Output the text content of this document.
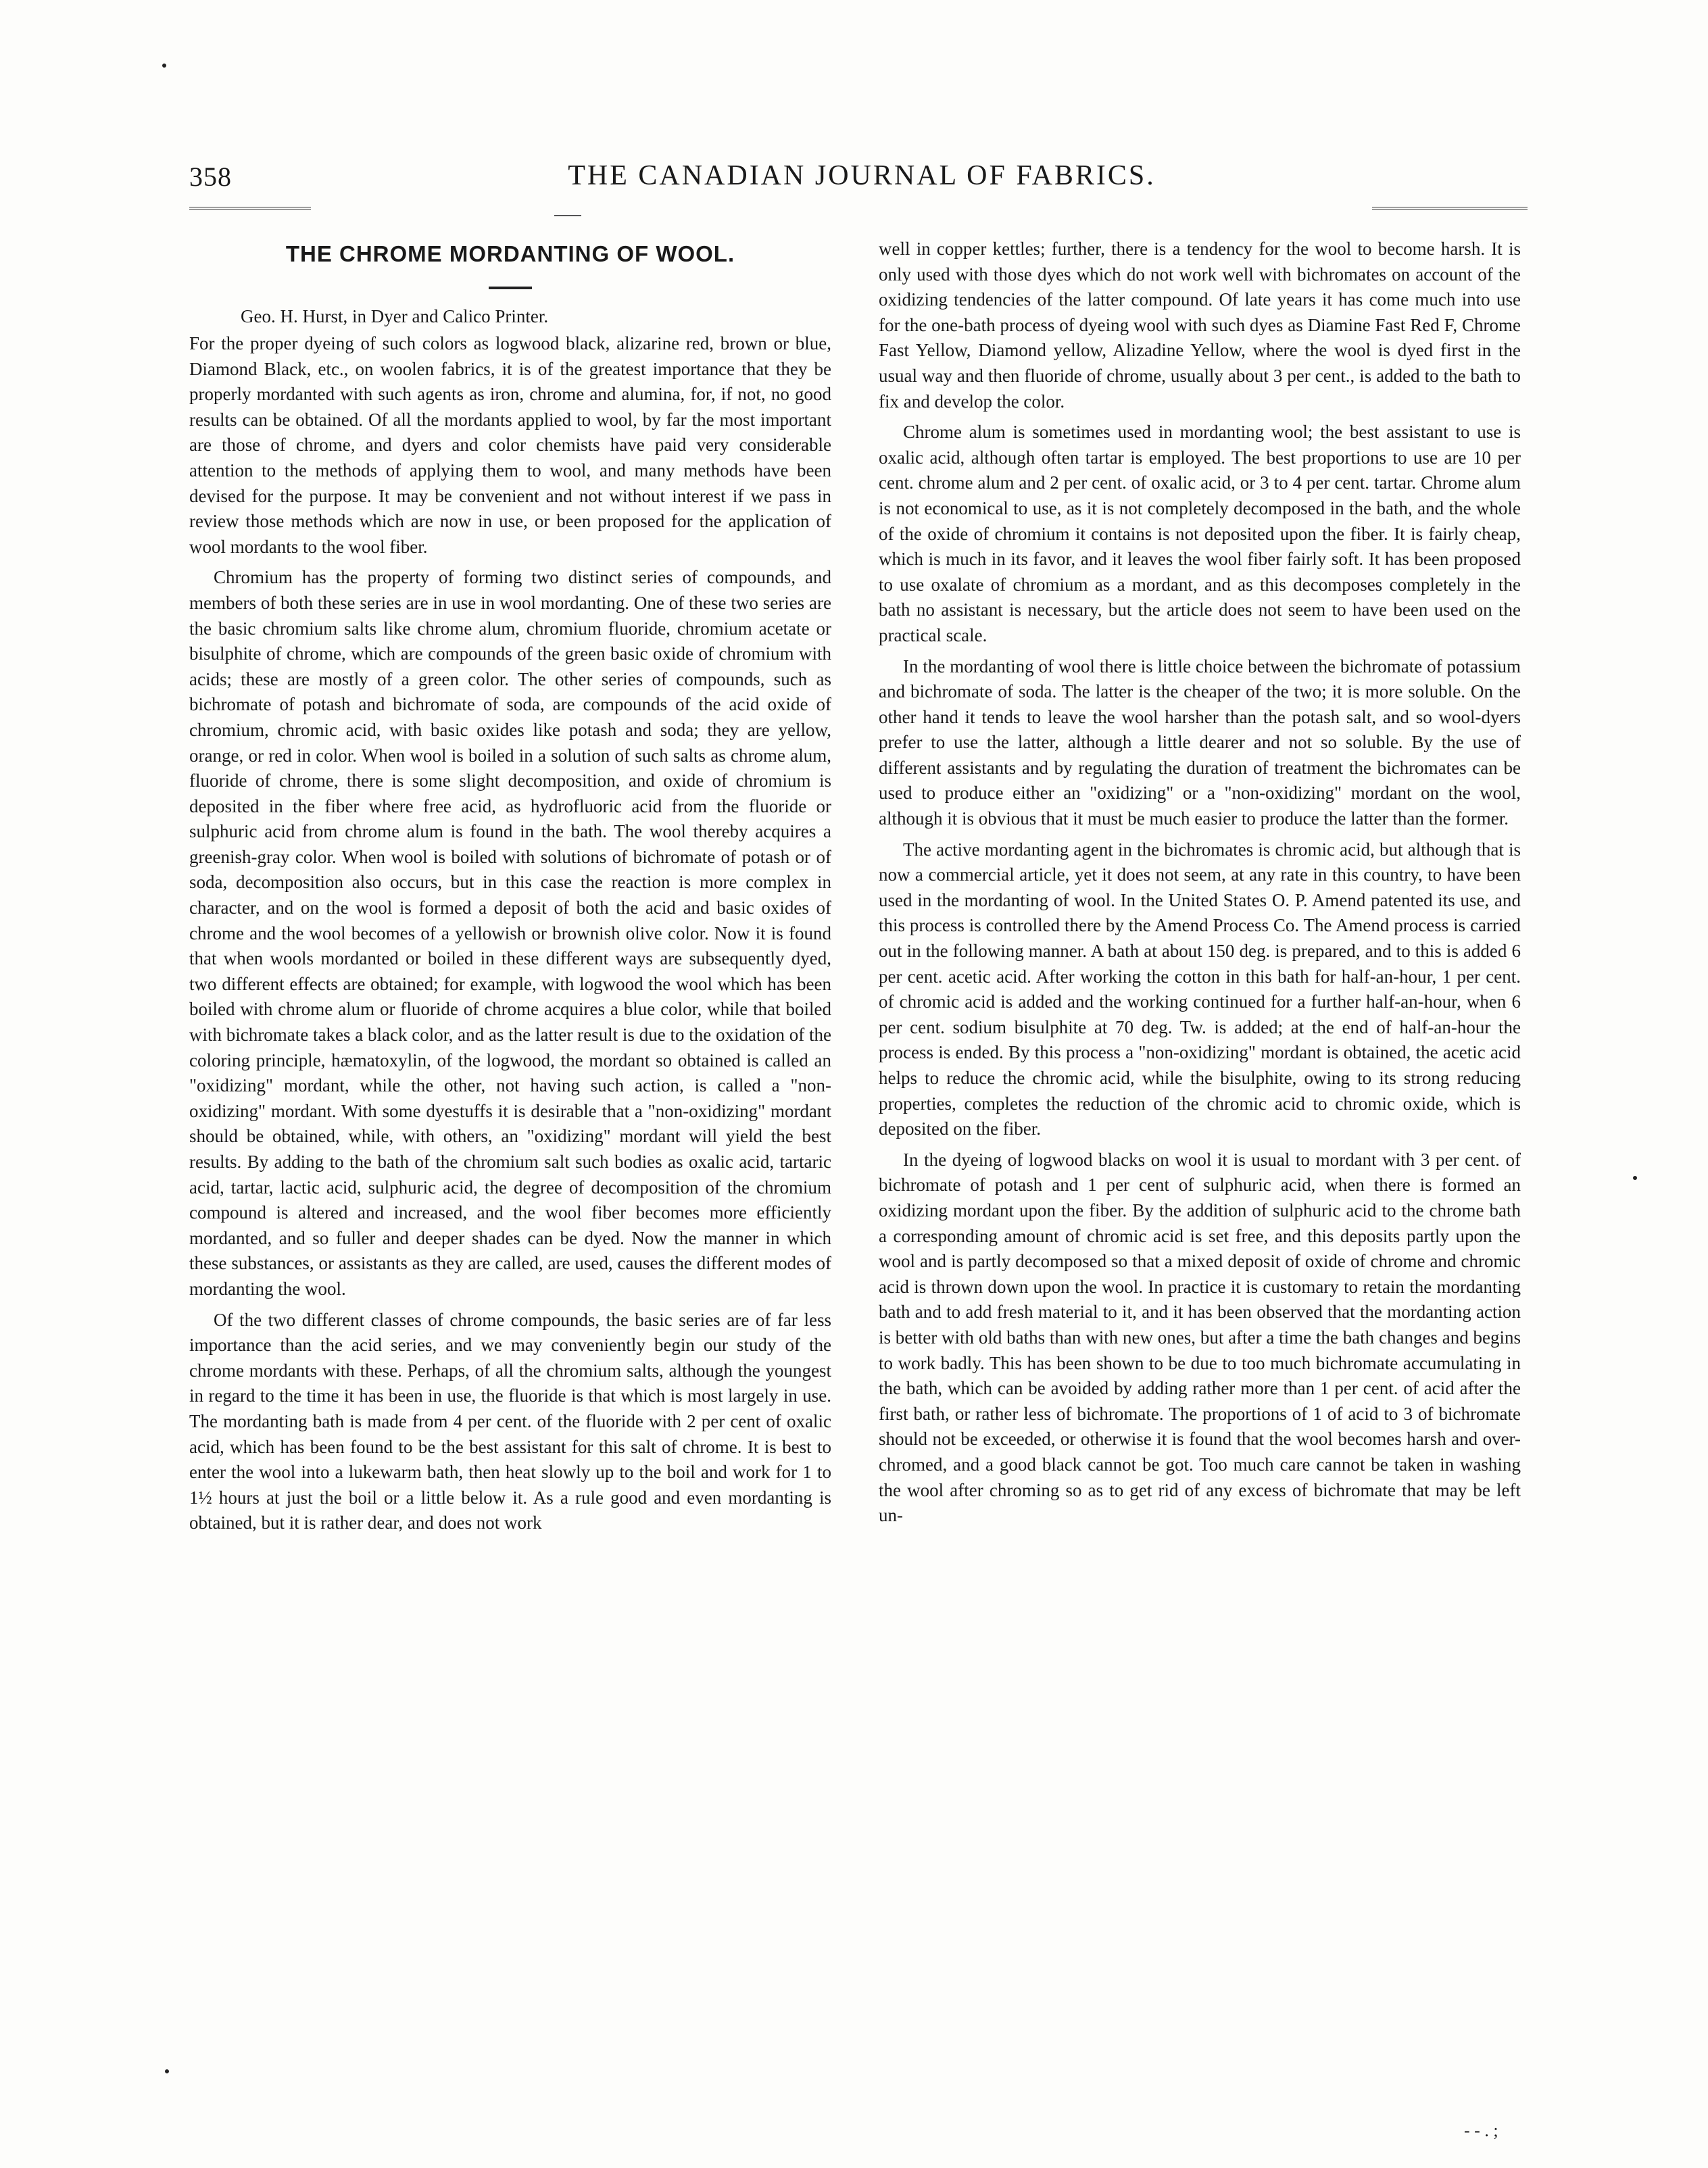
358	THE CANADIAN JOURNAL OF FABRICS.
THE CHROME MORDANTING OF WOOL.
Geo. H. Hurst, in Dyer and Calico Printer.

For the proper dyeing of such colors as logwood black, alizarine red, brown or blue, Diamond Black, etc., on woolen fabrics, it is of the greatest importance that they be properly mordanted with such agents as iron, chrome and alumina, for, if not, no good results can be obtained. Of all the mordants applied to wool, by far the most important are those of chrome, and dyers and color chemists have paid very considerable attention to the methods of applying them to wool, and many methods have been devised for the purpose. It may be convenient and not without interest if we pass in review those methods which are now in use, or been proposed for the application of wool mordants to the wool fiber.

Chromium has the property of forming two distinct series of compounds, and members of both these series are in use in wool mordanting. One of these two series are the basic chromium salts like chrome alum, chromium fluoride, chromium acetate or bisulphite of chrome, which are compounds of the green basic oxide of chromium with acids; these are mostly of a green color. The other series of compounds, such as bichromate of potash and bichromate of soda, are compounds of the acid oxide of chromium, chromic acid, with basic oxides like potash and soda; they are yellow, orange, or red in color. When wool is boiled in a solution of such salts as chrome alum, fluoride of chrome, there is some slight decomposition, and oxide of chromium is deposited in the fiber where free acid, as hydrofluoric acid from the fluoride or sulphuric acid from chrome alum is found in the bath. The wool thereby acquires a greenish-gray color. When wool is boiled with solutions of bichromate of potash or of soda, decomposition also occurs, but in this case the reaction is more complex in character, and on the wool is formed a deposit of both the acid and basic oxides of chrome and the wool becomes of a yellowish or brownish olive color. Now it is found that when wools mordanted or boiled in these different ways are subsequently dyed, two different effects are obtained; for example, with logwood the wool which has been boiled with chrome alum or fluoride of chrome acquires a blue color, while that boiled with bichromate takes a black color, and as the latter result is due to the oxidation of the coloring principle, hæmatoxylin, of the logwood, the mordant so obtained is called an "oxidizing" mordant, while the other, not having such action, is called a "non-oxidizing" mordant. With some dyestuffs it is desirable that a "non-oxidizing" mordant should be obtained, while, with others, an "oxidizing" mordant will yield the best results. By adding to the bath of the chromium salt such bodies as oxalic acid, tartaric acid, tartar, lactic acid, sulphuric acid, the degree of decomposition of the chromium compound is altered and increased, and the wool fiber becomes more efficiently mordanted, and so fuller and deeper shades can be dyed. Now the manner in which these substances, or assistants as they are called, are used, causes the different modes of mordanting the wool.

Of the two different classes of chrome compounds, the basic series are of far less importance than the acid series, and we may conveniently begin our study of the chrome mordants with these. Perhaps, of all the chromium salts, although the youngest in regard to the time it has been in use, the fluoride is that which is most largely in use. The mordanting bath is made from 4 per cent. of the fluoride with 2 per cent of oxalic acid, which has been found to be the best assistant for this salt of chrome. It is best to enter the wool into a lukewarm bath, then heat slowly up to the boil and work for 1 to 1½ hours at just the boil or a little below it. As a rule good and even mordanting is obtained, but it is rather dear, and does not work

well in copper kettles; further, there is a tendency for the wool to become harsh. It is only used with those dyes which do not work well with bichromates on account of the oxidizing tendencies of the latter compound. Of late years it has come much into use for the one-bath process of dyeing wool with such dyes as Diamine Fast Red F, Chrome Fast Yellow, Diamond yellow, Alizadine Yellow, where the wool is dyed first in the usual way and then fluoride of chrome, usually about 3 per cent., is added to the bath to fix and develop the color.

Chrome alum is sometimes used in mordanting wool; the best assistant to use is oxalic acid, although often tartar is employed. The best proportions to use are 10 per cent. chrome alum and 2 per cent. of oxalic acid, or 3 to 4 per cent. tartar. Chrome alum is not economical to use, as it is not completely decomposed in the bath, and the whole of the oxide of chromium it contains is not deposited upon the fiber. It is fairly cheap, which is much in its favor, and it leaves the wool fiber fairly soft. It has been proposed to use oxalate of chromium as a mordant, and as this decomposes completely in the bath no assistant is necessary, but the article does not seem to have been used on the practical scale.

In the mordanting of wool there is little choice between the bichromate of potassium and bichromate of soda. The latter is the cheaper of the two; it is more soluble. On the other hand it tends to leave the wool harsher than the potash salt, and so wool-dyers prefer to use the latter, although a little dearer and not so soluble. By the use of different assistants and by regulating the duration of treatment the bichromates can be used to produce either an "oxidizing" or a "non-oxidizing" mordant on the wool, although it is obvious that it must be much easier to produce the latter than the former.

The active mordanting agent in the bichromates is chromic acid, but although that is now a commercial article, yet it does not seem, at any rate in this country, to have been used in the mordanting of wool. In the United States O. P. Amend patented its use, and this process is controlled there by the Amend Process Co. The Amend process is carried out in the following manner. A bath at about 150 deg. is prepared, and to this is added 6 per cent. acetic acid. After working the cotton in this bath for half-an-hour, 1 per cent. of chromic acid is added and the working continued for a further half-an-hour, when 6 per cent. sodium bisulphite at 70 deg. Tw. is added; at the end of half-an-hour the process is ended. By this process a "non-oxidizing" mordant is obtained, the acetic acid helps to reduce the chromic acid, while the bisulphite, owing to its strong reducing properties, completes the reduction of the chromic acid to chromic oxide, which is deposited on the fiber.

In the dyeing of logwood blacks on wool it is usual to mordant with 3 per cent. of bichromate of potash and 1 per cent of sulphuric acid, when there is formed an oxidizing mordant upon the fiber. By the addition of sulphuric acid to the chrome bath a corresponding amount of chromic acid is set free, and this deposits partly upon the wool and is partly decomposed so that a mixed deposit of oxide of chrome and chromic acid is thrown down upon the wool. In practice it is customary to retain the mordanting bath and to add fresh material to it, and it has been observed that the mordanting action is better with old baths than with new ones, but after a time the bath changes and begins to work badly. This has been shown to be due to too much bichromate accumulating in the bath, which can be avoided by adding rather more than 1 per cent. of acid after the first bath, or rather less of bichromate. The proportions of 1 of acid to 3 of bichromate should not be exceeded, or otherwise it is found that the wool becomes harsh and over-chromed, and a good black cannot be got. Too much care cannot be taken in washing the wool after chroming so as to get rid of any excess of bichromate that may be left un-

- - . ;
